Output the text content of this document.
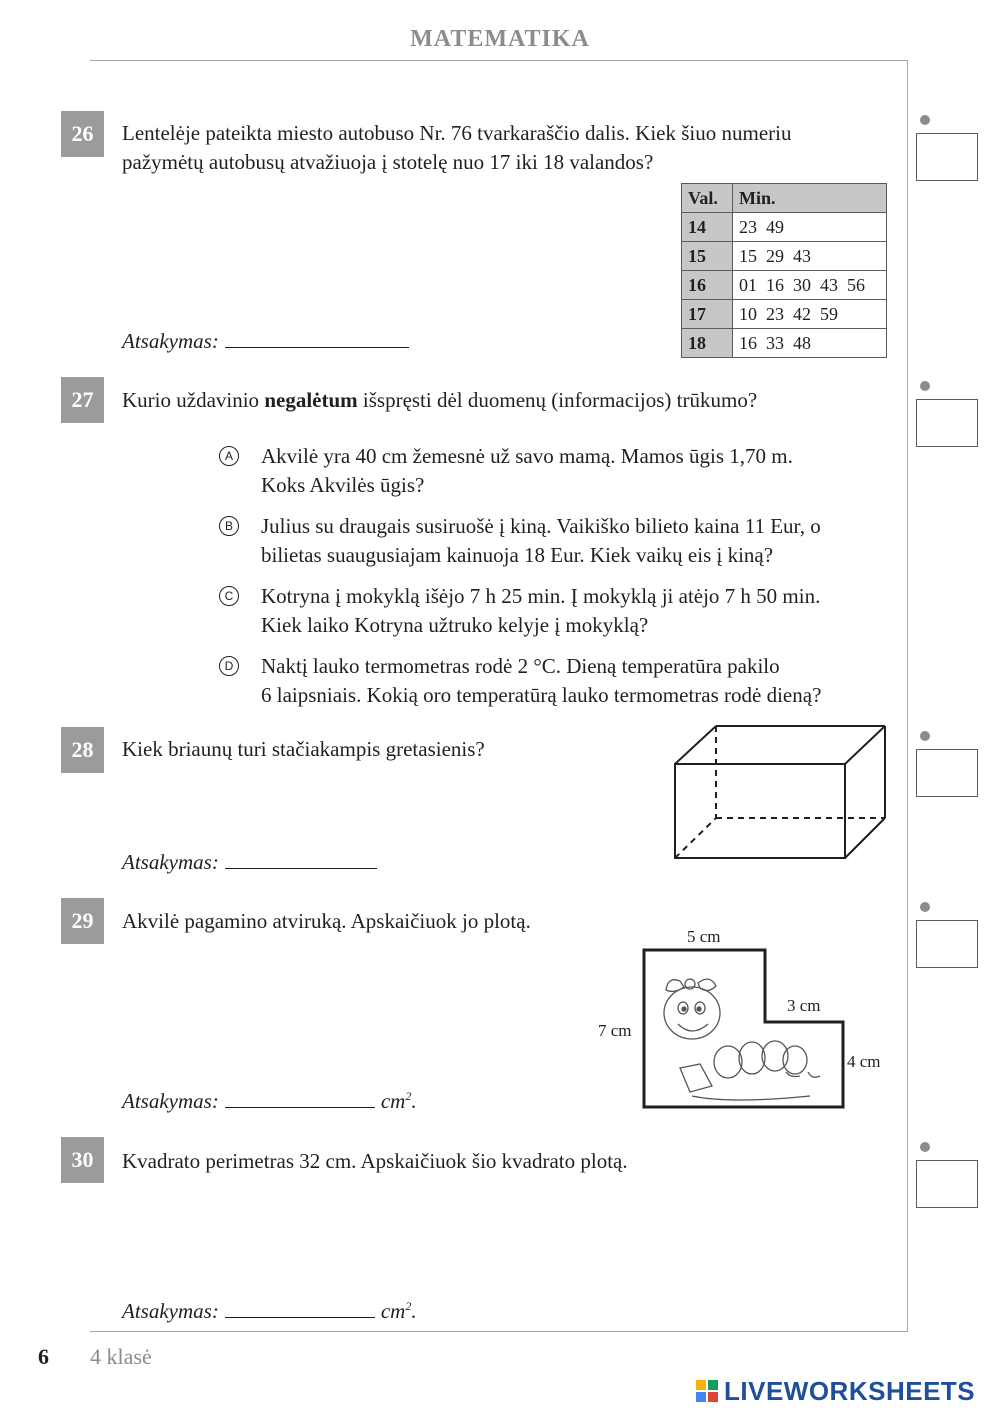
MATEMATIKA
26	Lentelėje pateikta miesto autobuso Nr. 76 tvarkaraščio dalis. Kiek šiuo numeriu
pažymėtų autobusų atvažiuoja į stotelę nuo 17 iki 18 valandos?
Val.	Min.
14	23  49
15	15  29  43
16	01  16  30  43  56
17	10  23  42  59
18	16  33  48
Atsakymas:
27	Kurio uždavinio negalėtum išspręsti dėl duomenų (informacijos) trūkumo?
A Akvilė yra 40 cm žemesnė už savo mamą. Mamos ūgis 1,70 m.
Koks Akvilės ūgis?
B Julius su draugais susiruošė į kiną. Vaikiško bilieto kaina 11 Eur, o
bilietas suaugusiajam kainuoja 18 Eur. Kiek vaikų eis į kiną?
C Kotryna į mokyklą išėjo 7 h 25 min. Į mokyklą ji atėjo 7 h 50 min.
Kiek laiko Kotryna užtruko kelyje į mokyklą?
D Naktį lauko termometras rodė 2 °C. Dieną temperatūra pakilo
6 laipsniais. Kokią oro temperatūrą lauko termometras rodė dieną?
28	Kiek briaunų turi stačiakampis gretasienis?
Atsakymas:
29	Akvilė pagamino atviruką. Apskaičiuok jo plotą.
5 cm
7 cm
3 cm
4 cm
Atsakymas:	$cm^2$.
30	Kvadrato perimetras 32 cm. Apskaičiuok šio kvadrato plotą.
Atsakymas:	$cm^2$.
6 4 klasė
LIVEWORKSHEETS
